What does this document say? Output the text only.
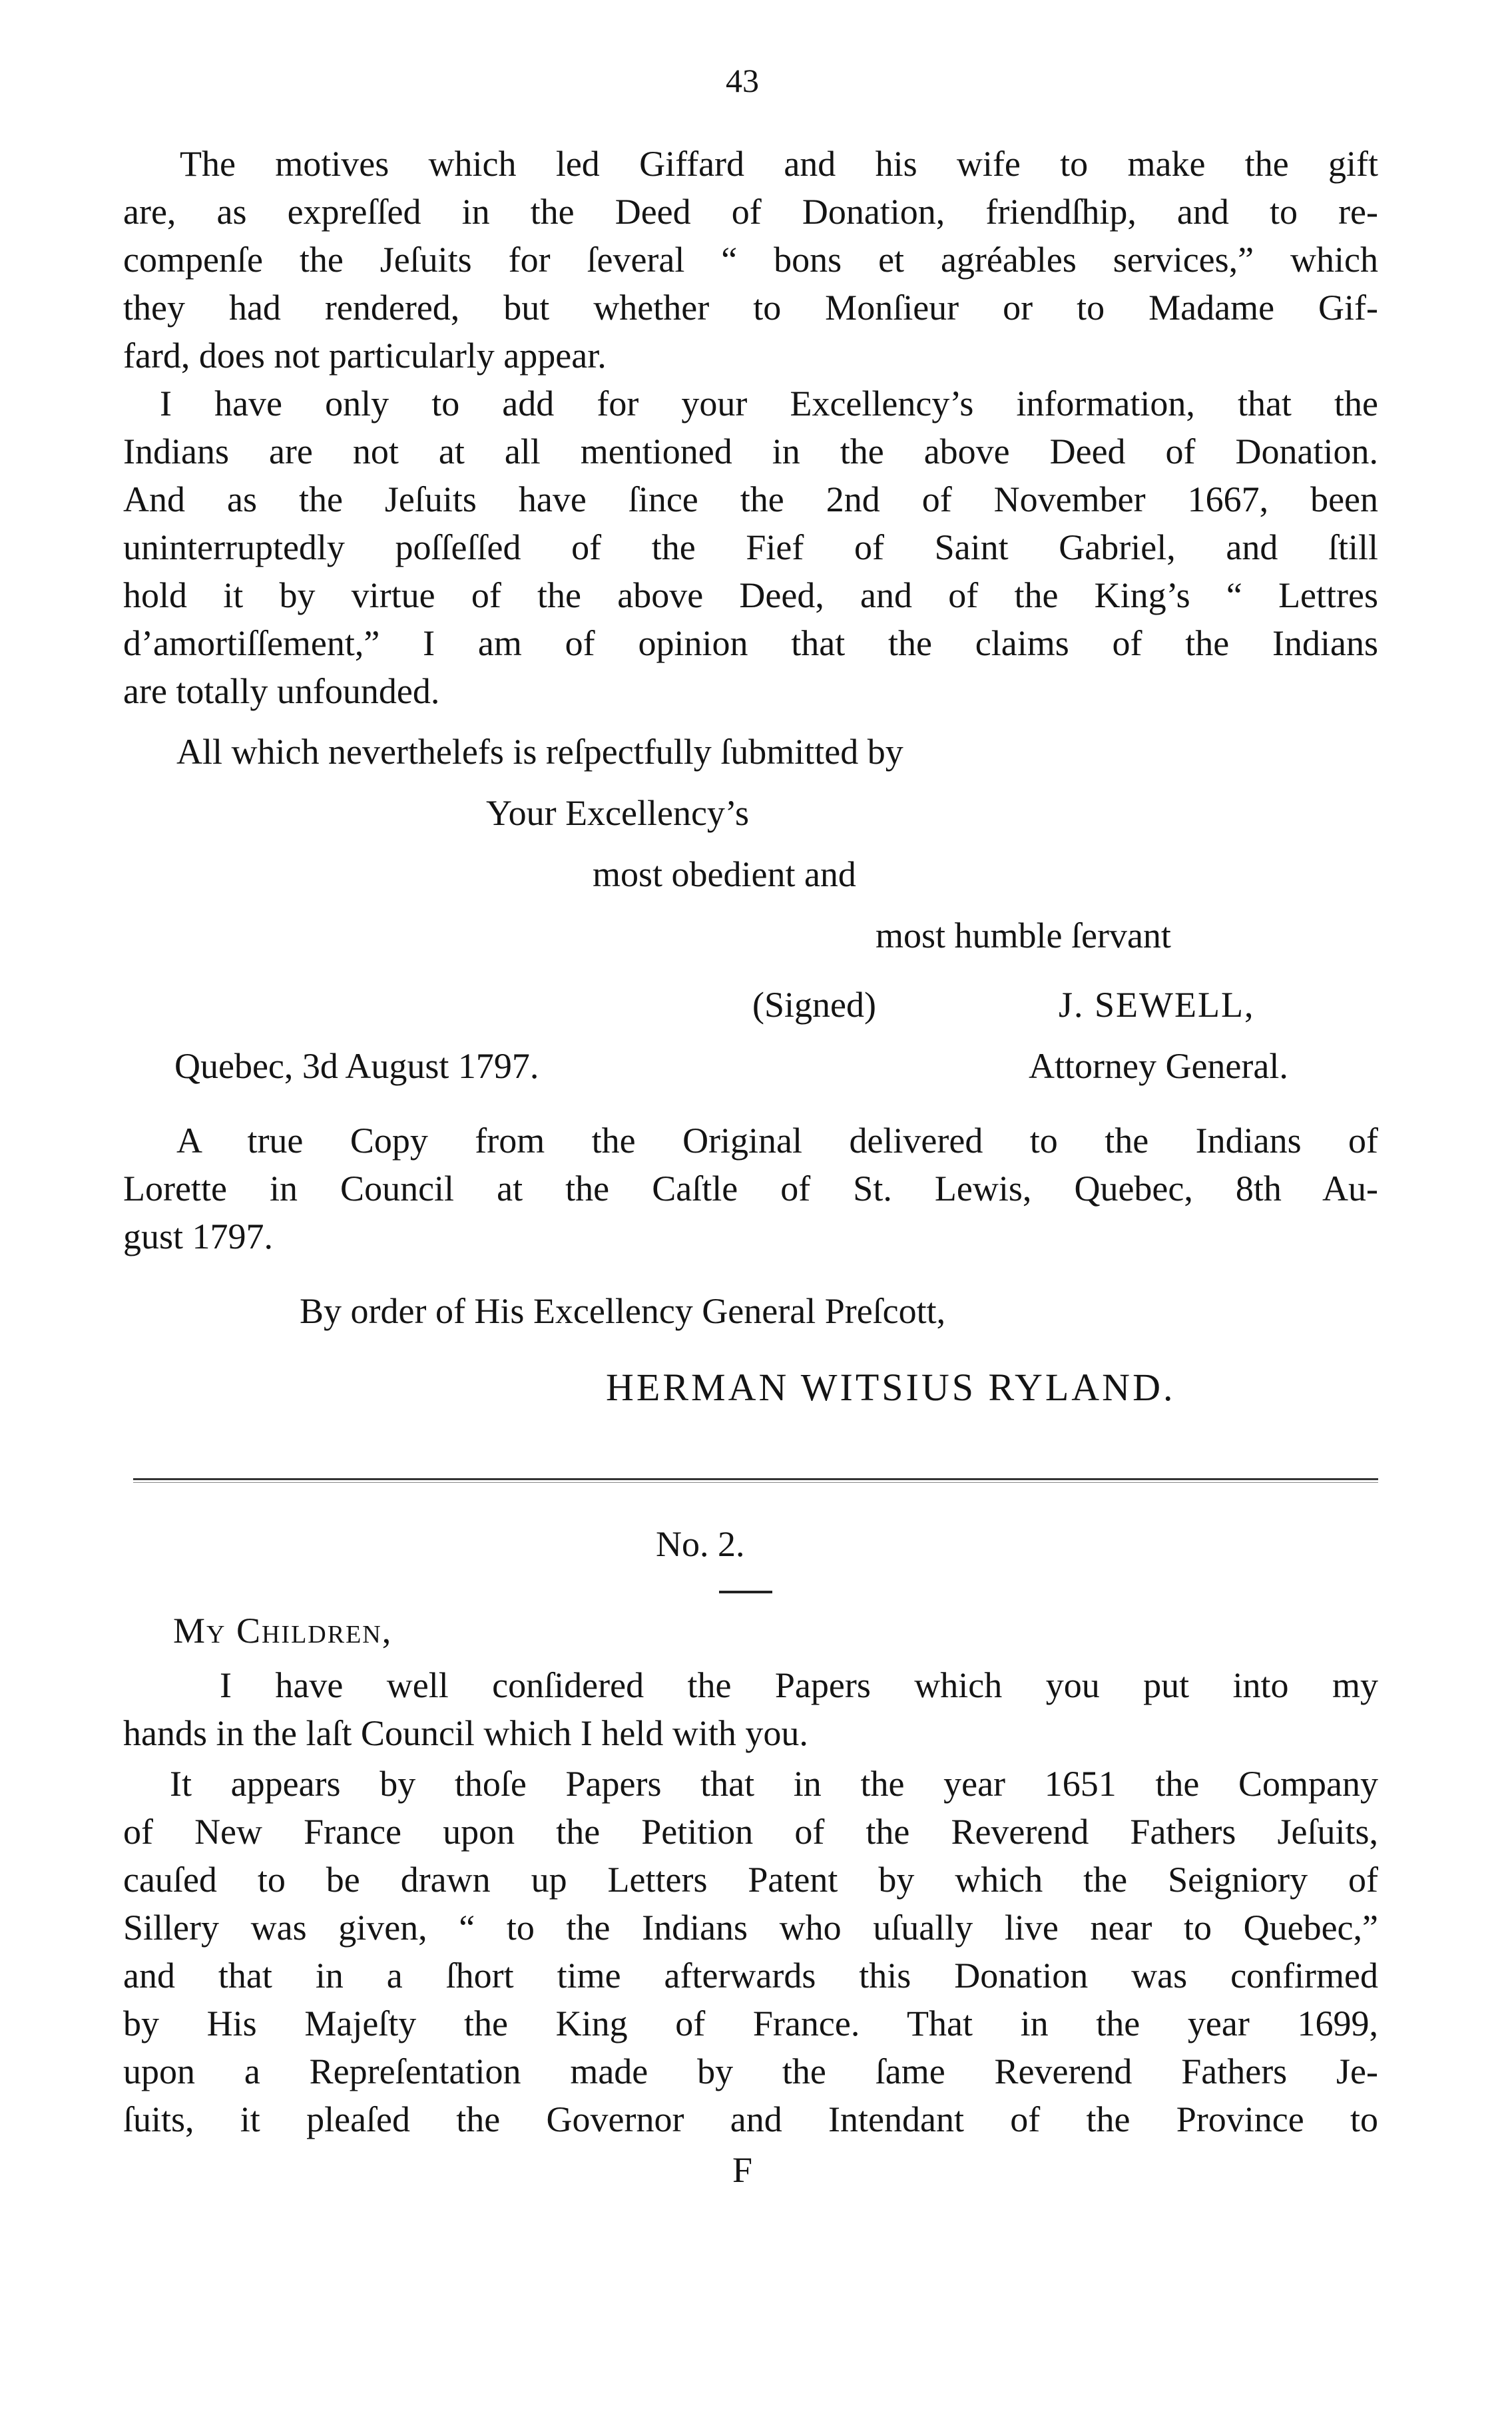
43
The motives which led Giffard and his wife to make the gift
are, as expreſſed in the Deed of Donation, friendſhip, and to re-
compenſe the Jeſuits for ſeveral “ bons et agréables services,” which
they had rendered, but whether to Monſieur or to Madame Gif-
fard, does not particularly appear.
I have only to add for your Excellency’s information, that the
Indians are not at all mentioned in the above Deed of Donation.
And as the Jeſuits have ſince the 2nd of November 1667, been
uninterruptedly poſſeſſed of the Fief of Saint Gabriel, and ſtill
hold it by virtue of the above Deed, and of the King’s “ Lettres
d’amortiſſement,” I am of opinion that the claims of the Indians
are totally unfounded.
All which neverthelefs is reſpectfully ſubmitted by
Your Excellency’s
most obedient and
most humble ſervant
(Signed)	J. SEWELL,
Quebec, 3d August 1797.	Attorney General.
A true Copy from the Original delivered to the Indians of
Lorette in Council at the Caſtle of St. Lewis, Quebec, 8th Au-
gust 1797.
By order of His Excellency General Preſcott,
HERMAN WITSIUS RYLAND.
No. 2.
My Children,
I have well conſidered the Papers which you put into my
hands in the laſt Council which I held with you.
It appears by thoſe Papers that in the year 1651 the Company
of New France upon the Petition of the Reverend Fathers Jeſuits,
cauſed to be drawn up Letters Patent by which the Seigniory of
Sillery was given, “ to the Indians who uſually live near to Quebec,”
and that in a ſhort time afterwards this Donation was confirmed
by His Majeſty the King of France. That in the year 1699,
upon a Repreſentation made by the ſame Reverend Fathers Je-
ſuits, it pleaſed the Governor and Intendant of the Province to
F
